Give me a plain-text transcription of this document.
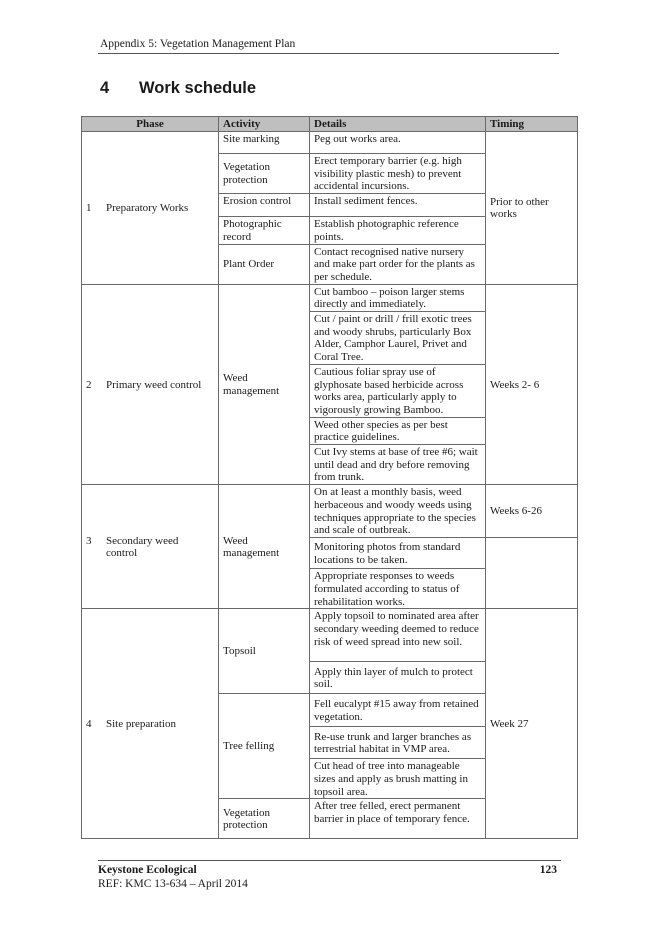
Appendix 5: Vegetation Management Plan
4 Work schedule
Phase	Activity	Details	Timing
1 Preparatory Works	Site marking	Peg out works area.	Prior to other works
	Vegetation protection	Erect temporary barrier (e.g. high visibility plastic mesh) to prevent accidental incursions.	
	Erosion control	Install sediment fences.	
	Photographic record	Establish photographic reference points.	
	Plant Order	Contact recognised native nursery and make part order for the plants as per schedule.	
2 Primary weed control	Weed management	Cut bamboo – poison larger stems directly and immediately.	Weeks 2- 6
		Cut / paint or drill / frill exotic trees and woody shrubs, particularly Box Alder, Camphor Laurel, Privet and Coral Tree.	
		Cautious foliar spray use of glyphosate based herbicide across works area, particularly apply to vigorously growing Bamboo.	
		Weed other species as per best practice guidelines.	
		Cut Ivy stems at base of tree #6; wait until dead and dry before removing from trunk.	
3 Secondary weed control	Weed management	On at least a monthly basis, weed herbaceous and woody weeds using techniques appropriate to the species and scale of outbreak.	Weeks 6-26
		Monitoring photos from standard locations to be taken.	
		Appropriate responses to weeds formulated according to status of rehabilitation works.	
4 Site preparation	Topsoil	Apply topsoil to nominated area after secondary weeding deemed to reduce risk of weed spread into new soil.	Week 27
		Apply thin layer of mulch to protect soil.	
	Tree felling	Fell eucalypt #15 away from retained vegetation.	
		Re-use trunk and larger branches as terrestrial habitat in VMP area.	
		Cut head of tree into manageable sizes and apply as brush matting in topsoil area.	
	Vegetation protection	After tree felled, erect permanent barrier in place of temporary fence.	
Keystone Ecological
REF: KMC 13-634 – April 2014
123
